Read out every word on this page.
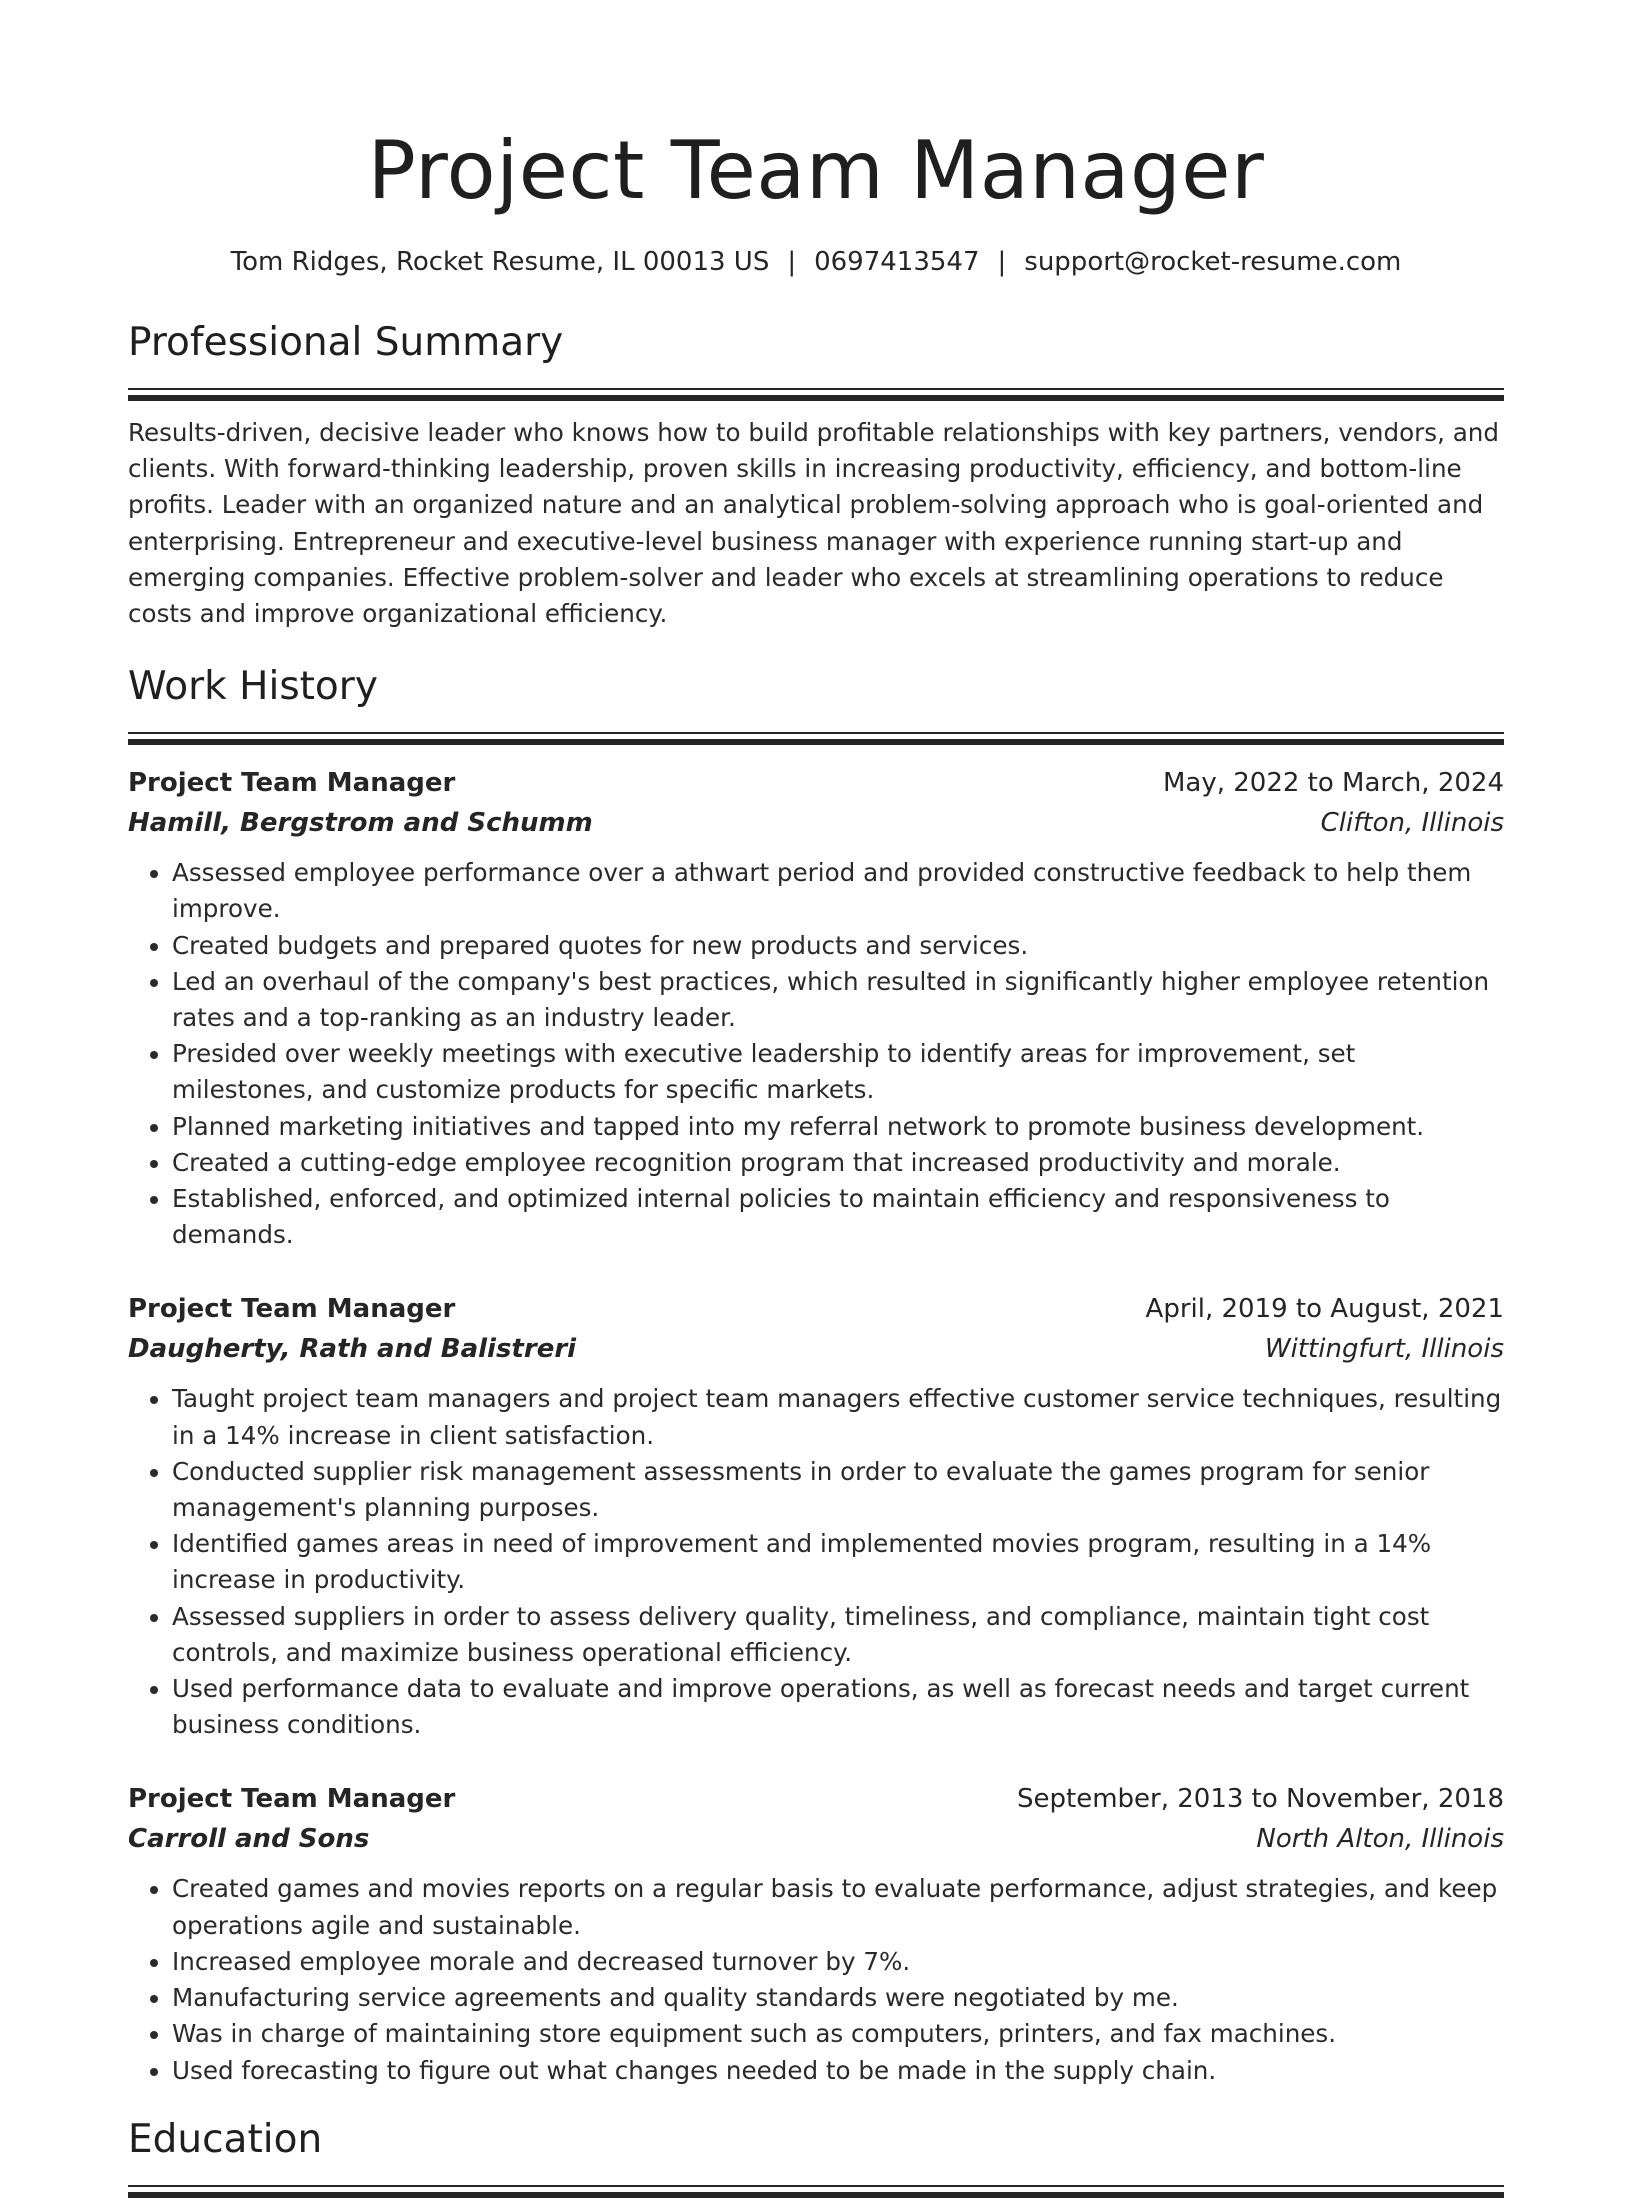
Project Team Manager
Tom Ridges, Rocket Resume, IL 00013 US | 0697413547 | support@rocket-resume.com
Professional Summary

Results-driven, decisive leader who knows how to build profitable relationships with key partners, vendors, and clients. With forward-thinking leadership, proven skills in increasing productivity, efficiency, and bottom-line profits. Leader with an organized nature and an analytical problem-solving approach who is goal-oriented and enterprising. Entrepreneur and executive-level business manager with experience running start-up and emerging companies. Effective problem-solver and leader who excels at streamlining operations to reduce costs and improve organizational efficiency.

Work History
Project Team Manager	May, 2022 to March, 2024
Hamill, Bergstrom and Schumm	Clifton, Illinois
• Assessed employee performance over a athwart period and provided constructive feedback to help them improve.
• Created budgets and prepared quotes for new products and services.
• Led an overhaul of the company's best practices, which resulted in significantly higher employee retention rates and a top-ranking as an industry leader.
• Presided over weekly meetings with executive leadership to identify areas for improvement, set milestones, and customize products for specific markets.
• Planned marketing initiatives and tapped into my referral network to promote business development.
• Created a cutting-edge employee recognition program that increased productivity and morale.
• Established, enforced, and optimized internal policies to maintain efficiency and responsiveness to demands.
Project Team Manager	April, 2019 to August, 2021
Daugherty, Rath and Balistreri	Wittingfurt, Illinois
• Taught project team managers and project team managers effective customer service techniques, resulting in a 14% increase in client satisfaction.
• Conducted supplier risk management assessments in order to evaluate the games program for senior management's planning purposes.
• Identified games areas in need of improvement and implemented movies program, resulting in a 14% increase in productivity.
• Assessed suppliers in order to assess delivery quality, timeliness, and compliance, maintain tight cost controls, and maximize business operational efficiency.
• Used performance data to evaluate and improve operations, as well as forecast needs and target current business conditions.
Project Team Manager	September, 2013 to November, 2018
Carroll and Sons	North Alton, Illinois
• Created games and movies reports on a regular basis to evaluate performance, adjust strategies, and keep operations agile and sustainable.
• Increased employee morale and decreased turnover by 7%.
• Manufacturing service agreements and quality standards were negotiated by me.
• Was in charge of maintaining store equipment such as computers, printers, and fax machines.
• Used forecasting to figure out what changes needed to be made in the supply chain.
Education
